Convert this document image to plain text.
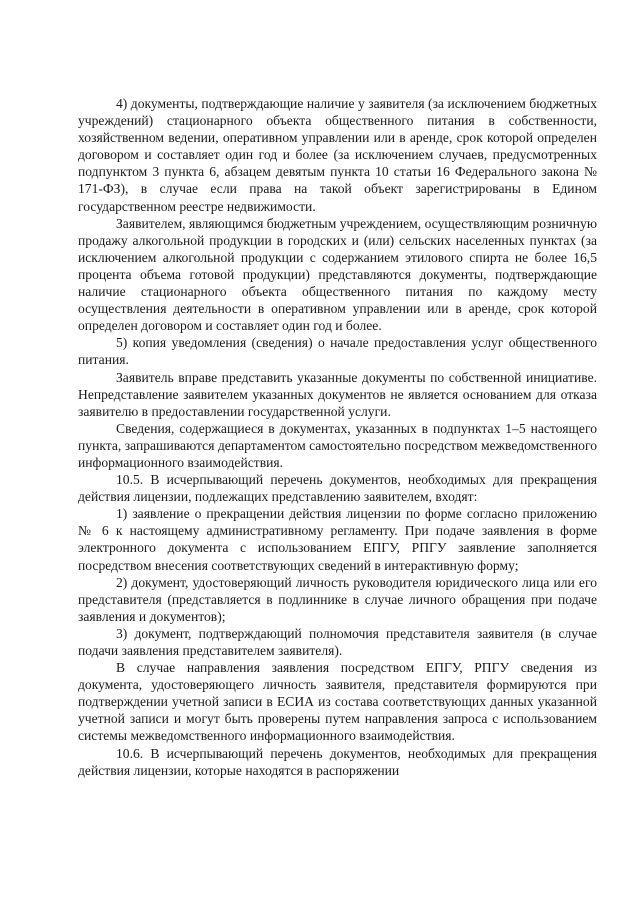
4) документы, подтверждающие наличие у заявителя (за исключением бюджетных учреждений) стационарного объекта общественного питания в собственности, хозяйственном ведении, оперативном управлении или в аренде, срок которой определен договором и составляет один год и более (за исключением случаев, предусмотренных подпунктом 3 пункта 6, абзацем девятым пункта 10 статьи 16 Федерального закона № 171-ФЗ), в случае если права на такой объект зарегистрированы в Едином государственном реестре недвижимости.

Заявителем, являющимся бюджетным учреждением, осуществляющим розничную продажу алкогольной продукции в городских и (или) сельских населенных пунктах (за исключением алкогольной продукции с содержанием этилового спирта не более 16,5 процента объема готовой продукции) представляются документы, подтверждающие наличие стационарного объекта общественного питания по каждому месту осуществления деятельности в оперативном управлении или в аренде, срок которой определен договором и составляет один год и более.

5) копия уведомления (сведения) о начале предоставления услуг общественного питания.

Заявитель вправе представить указанные документы по собственной инициативе. Непредставление заявителем указанных документов не является основанием для отказа заявителю в предоставлении государственной услуги.

Сведения, содержащиеся в документах, указанных в подпунктах 1–5 настоящего пункта, запрашиваются департаментом самостоятельно посредством межведомственного информационного взаимодействия.

10.5. В исчерпывающий перечень документов, необходимых для прекращения действия лицензии, подлежащих представлению заявителем, входят:

1) заявление о прекращении действия лицензии по форме согласно приложению № 6 к настоящему административному регламенту. При подаче заявления в форме электронного документа с использованием ЕПГУ, РПГУ заявление заполняется посредством внесения соответствующих сведений в интерактивную форму;

2) документ, удостоверяющий личность руководителя юридического лица или его представителя (представляется в подлиннике в случае личного обращения при подаче заявления и документов);

3) документ, подтверждающий полномочия представителя заявителя (в случае подачи заявления представителем заявителя).

В случае направления заявления посредством ЕПГУ, РПГУ сведения из документа, удостоверяющего личность заявителя, представителя формируются при подтверждении учетной записи в ЕСИА из состава соответствующих данных указанной учетной записи и могут быть проверены путем направления запроса с использованием системы межведомственного информационного взаимодействия.

10.6. В исчерпывающий перечень документов, необходимых для прекращения действия лицензии, которые находятся в распоряжении
